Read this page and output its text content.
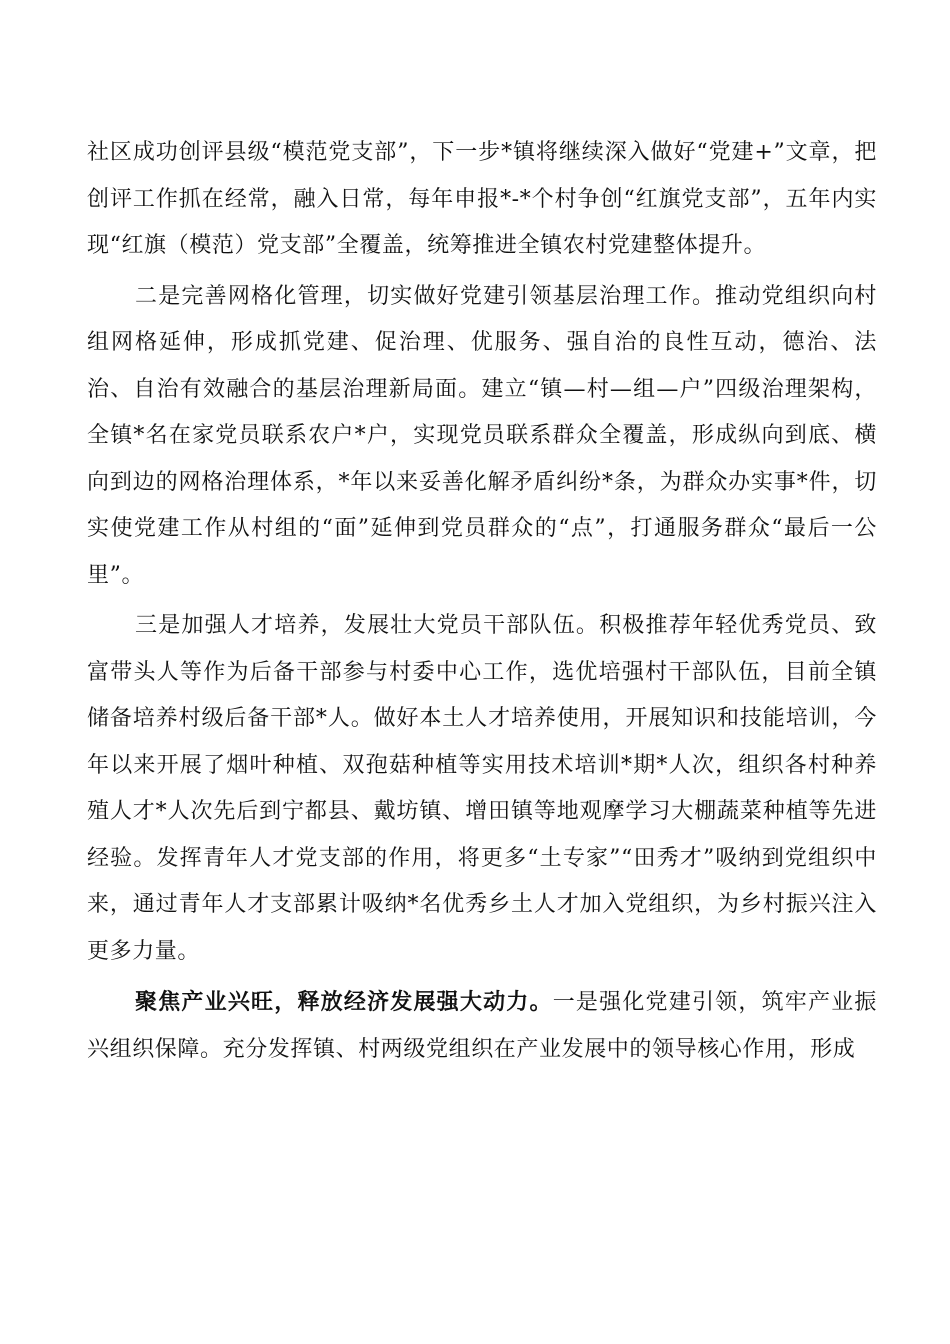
社区成功创评县级“模范党支部”，下一步*镇将继续深入做好“党建+”文章，把创评工作抓在经常，融入日常，每年申报*-*个村争创“红旗党支部”，五年内实现“红旗（模范）党支部”全覆盖，统筹推进全镇农村党建整体提升。

二是完善网格化管理，切实做好党建引领基层治理工作。推动党组织向村组网格延伸，形成抓党建、促治理、优服务、强自治的良性互动，德治、法治、自治有效融合的基层治理新局面。建立“镇—村—组—户”四级治理架构，全镇*名在家党员联系农户*户，实现党员联系群众全覆盖，形成纵向到底、横向到边的网格治理体系，*年以来妥善化解矛盾纠纷*条，为群众办实事*件，切实使党建工作从村组的“面”延伸到党员群众的“点”，打通服务群众“最后一公里”。

三是加强人才培养，发展壮大党员干部队伍。积极推荐年轻优秀党员、致富带头人等作为后备干部参与村委中心工作，选优培强村干部队伍，目前全镇储备培养村级后备干部*人。做好本土人才培养使用，开展知识和技能培训，今年以来开展了烟叶种植、双孢菇种植等实用技术培训*期*人次，组织各村种养殖人才*人次先后到宁都县、戴坊镇、增田镇等地观摩学习大棚蔬菜种植等先进经验。发挥青年人才党支部的作用，将更多“土专家”“田秀才”吸纳到党组织中来，通过青年人才支部累计吸纳*名优秀乡土人才加入党组织，为乡村振兴注入更多力量。

聚焦产业兴旺，释放经济发展强大动力。一是强化党建引领，筑牢产业振兴组织保障。充分发挥镇、村两级党组织在产业发展中的领导核心作用，形成
